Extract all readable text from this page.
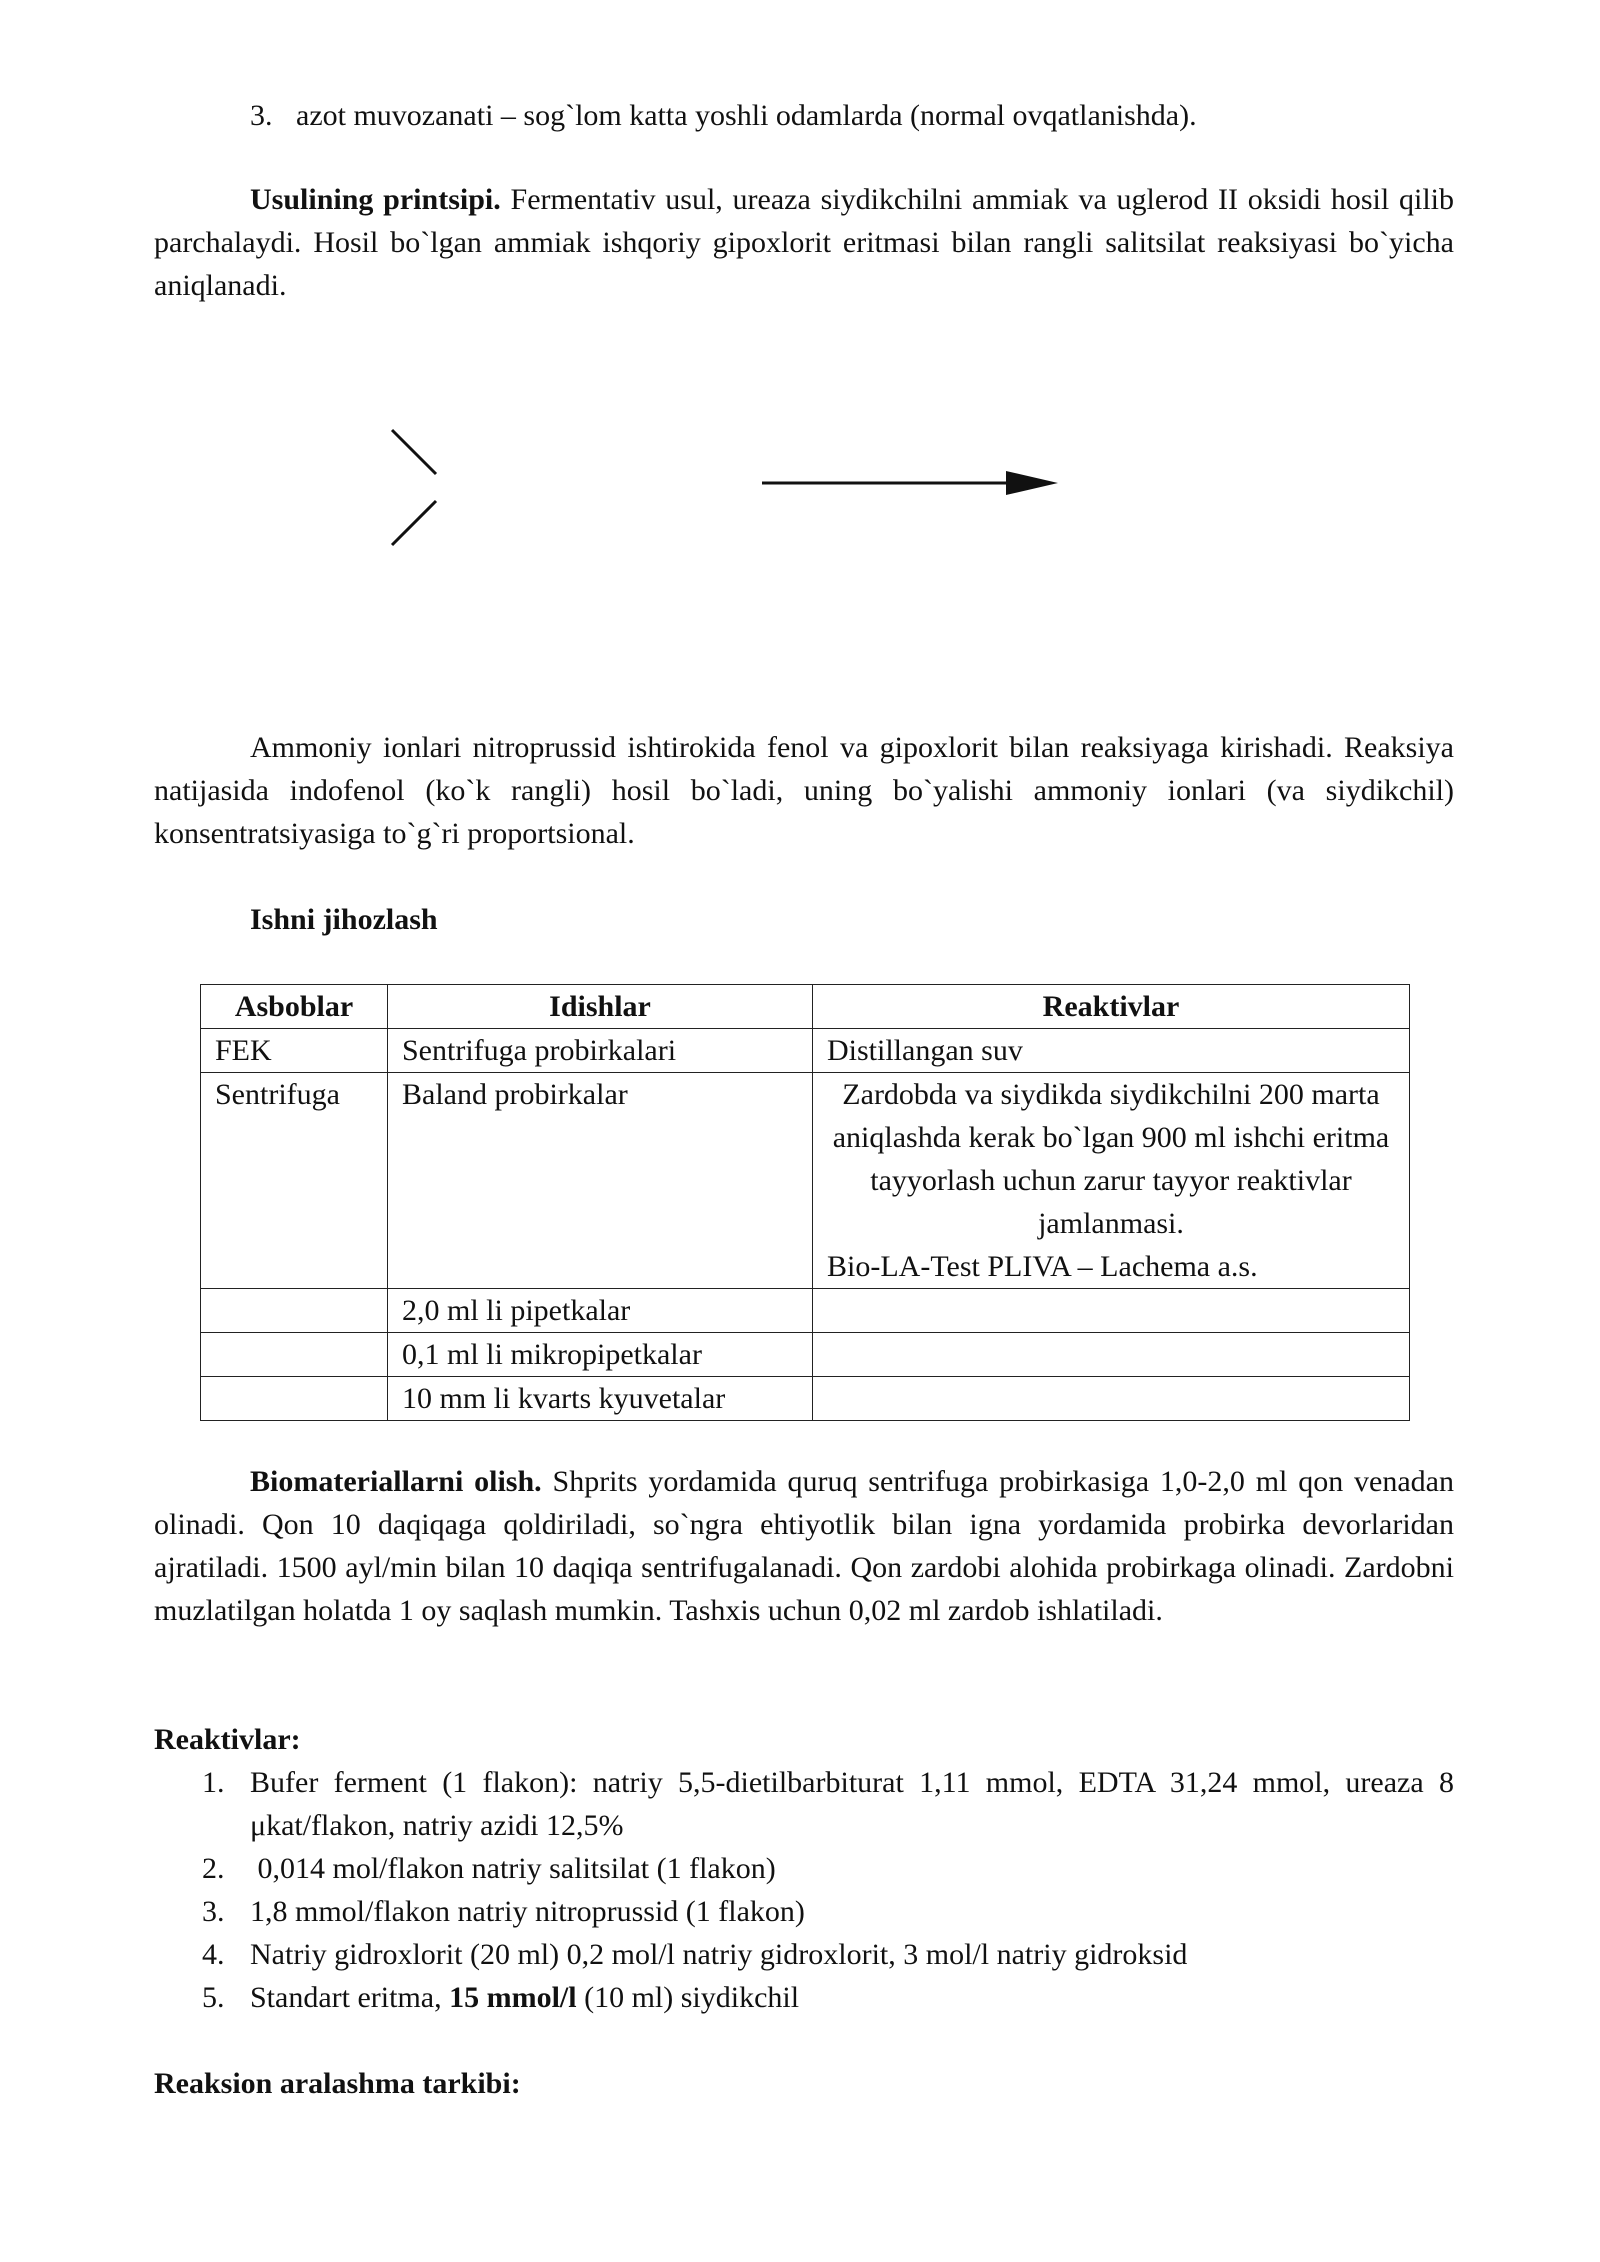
3. azot muvozanati – sog`lom katta yoshli odamlarda (normal ovqatlanishda).

Usulining printsipi. Fermentativ usul, ureaza siydikchilni ammiak va uglerod II oksidi hosil qilib parchalaydi. Hosil bo`lgan ammiak ishqoriy gipoxlorit eritmasi bilan rangli salitsilat reaksiyasi bo`yicha aniqlanadi.

Ammoniy ionlari nitroprussid ishtirokida fenol va gipoxlorit bilan reaksiyaga kirishadi. Reaksiya natijasida indofenol (ko`k rangli) hosil bo`ladi, uning bo`yalishi ammoniy ionlari (va siydikchil) konsentratsiyasiga to`g`ri proportsional.

Ishni jihozlash
Asboblar	Idishlar	Reaktivlar
FEK	Sentrifuga probirkalari	Distillangan suv
Sentrifuga	Baland probirkalar	Zardobda va siydikda siydikchilni 200 marta aniqlashda kerak bo`lgan 900 ml ishchi eritma tayyorlash uchun zarur tayyor reaktivlar jamlanmasi.
Bio-LA-Test PLIVA – Lachema a.s.

	2,0 ml li pipetkalar	
	0,1 ml li mikropipetkalar	
	10 mm li kvarts kyuvetalar	

Biomateriallarni olish. Shprits yordamida quruq sentrifuga probirkasiga 1,0-2,0 ml qon venadan olinadi. Qon 10 daqiqaga qoldiriladi, so`ngra ehtiyotlik bilan igna yordamida probirka devorlaridan ajratiladi. 1500 ayl/min bilan 10 daqiqa sentrifugalanadi. Qon zardobi alohida probirkaga olinadi. Zardobni muzlatilgan holatda 1 oy saqlash mumkin. Tashxis uchun 0,02 ml zardob ishlatiladi.

Reaktivlar:

1. Bufer ferment (1 flakon): natriy 5,5-dietilbarbiturat 1,11 mmol, EDTA 31,24 mmol, ureaza 8 μkat/flakon, natriy azidi 12,5%
2. 0,014 mol/flakon natriy salitsilat (1 flakon)
3. 1,8 mmol/flakon natriy nitroprussid (1 flakon)
4. Natriy gidroxlorit (20 ml) 0,2 mol/l natriy gidroxlorit, 3 mol/l natriy gidroksid
5. Standart eritma, 15 mmol/l (10 ml) siydikchil

Reaksion aralashma tarkibi:
